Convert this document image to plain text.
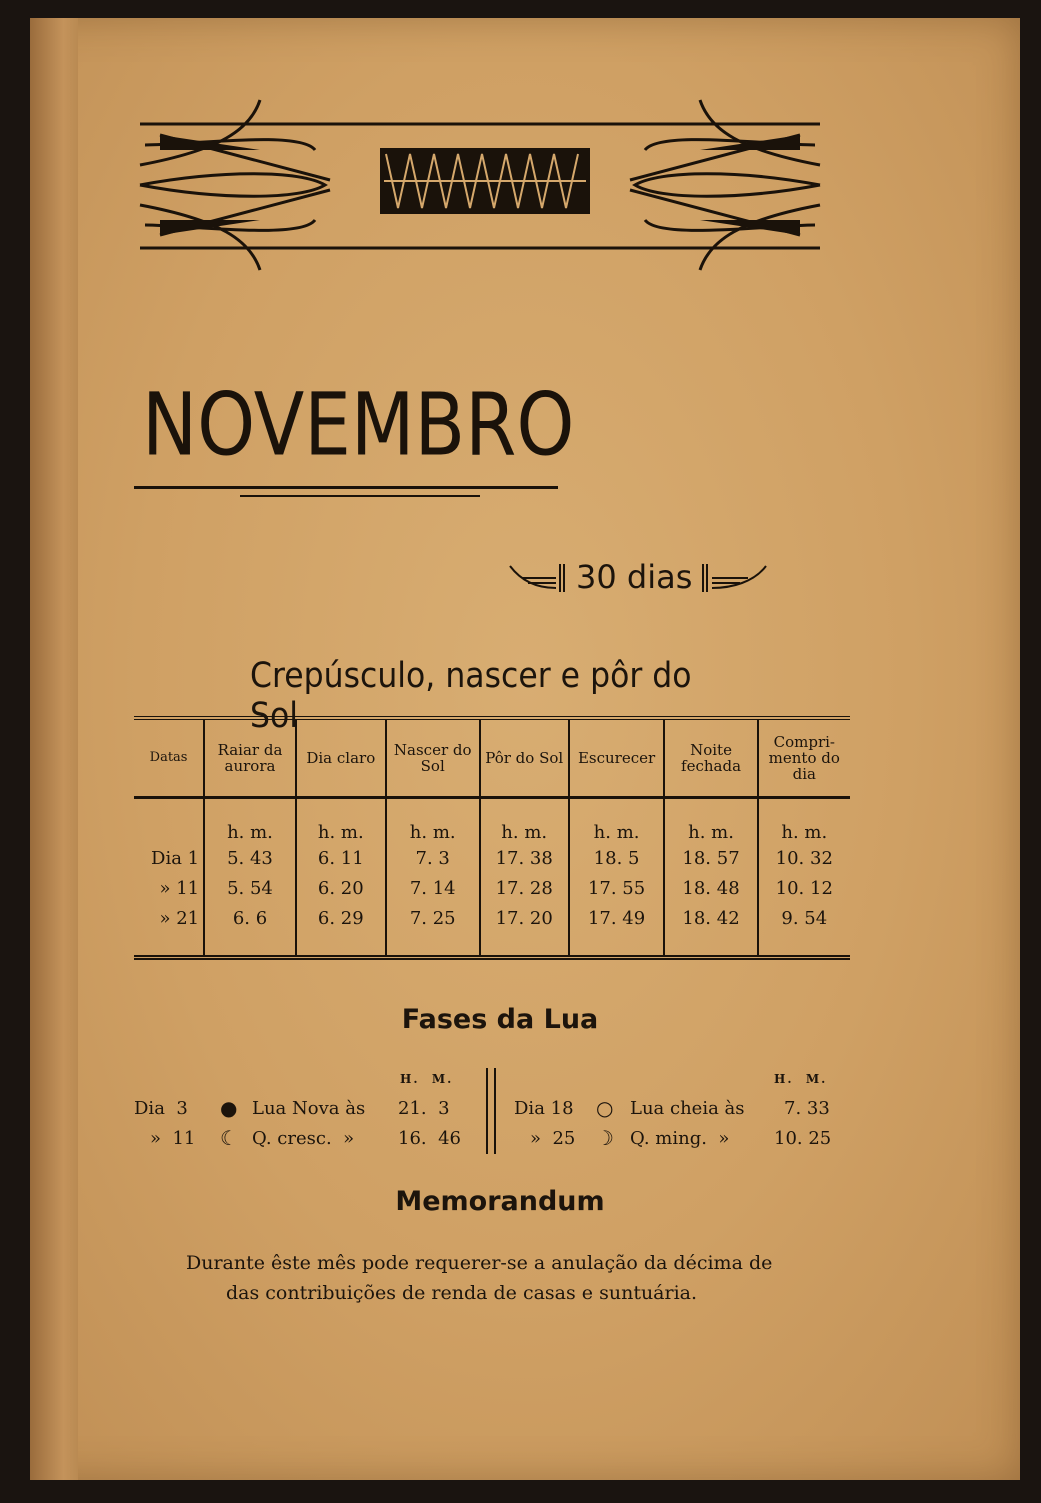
NOVEMBRO
30 dias
Crepúsculo, nascer e pôr do Sol
Datas	Raiar da aurora	Dia claro	Nascer do Sol	Pôr do Sol	Escurecer	Noite fechada	Compri-mento do dia
	h. m.	h. m.	h. m.	h. m.	h. m.	h. m.	h. m.
Dia 1	5. 43	6. 11	7. 3	17. 38	18. 5	18. 57	10. 32
» 11	5. 54	6. 20	7. 14	17. 28	17. 55	18. 48	10. 12
» 21	6. 6	6. 29	7. 25	17. 20	17. 49	18. 42	9. 54
Fases da Lua
H.  M.	H.  M.
Dia  3 ● Lua Nova às 21.  3
»  11 ☾ Q. cresc.  » 16.  46
Dia 18 ○ Lua cheia às 7. 33
»  25 ☽ Q. ming.  » 10. 25
Memorandum
Durante êste mês pode requerer-se a anulação da décima de
das contribuições de renda de casas e suntuária.
